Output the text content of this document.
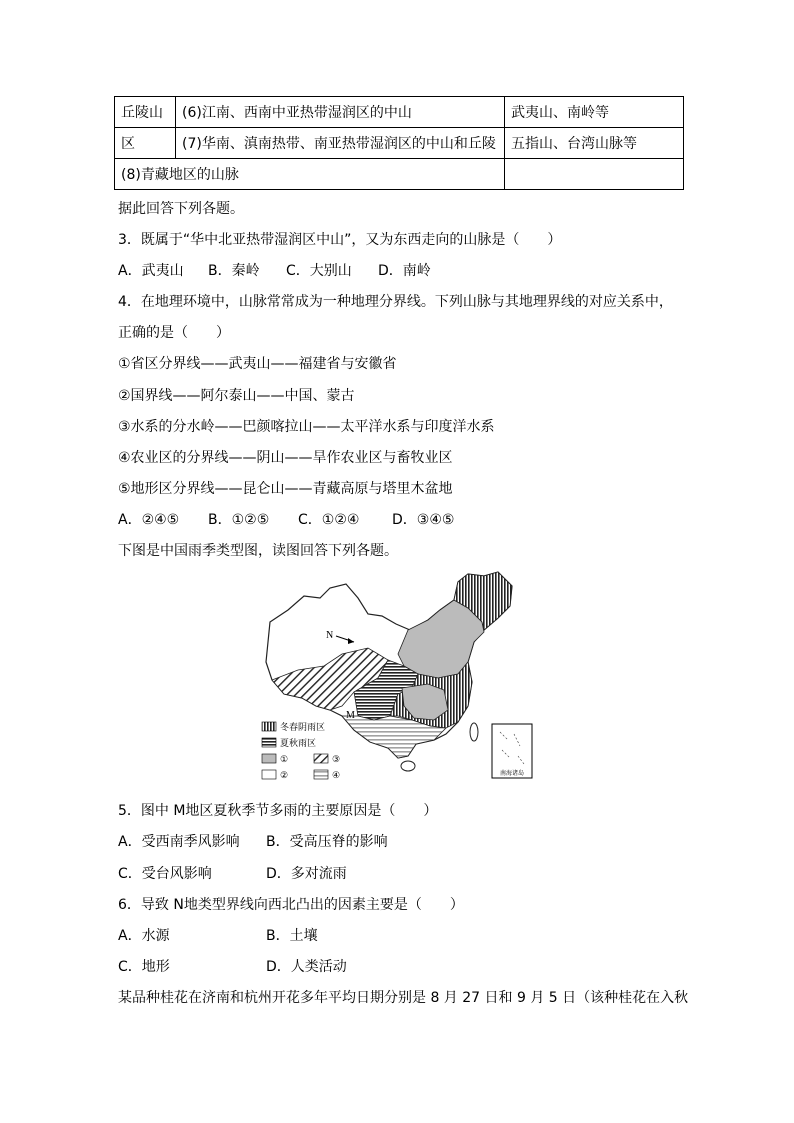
丘陵山	(6)江南、西南中亚热带湿润区的中山	武夷山、南岭等
区	(7)华南、滇南热带、南亚热带湿润区的中山和丘陵	五指山、台湾山脉等
(8)青藏地区的山脉		
据此回答下列各题。
3．既属于“华中北亚热带湿润区中山”，又为东西走向的山脉是（　　）
A．武夷山 B．秦岭 C．大别山 D．南岭
4．在地理环境中，山脉常常成为一种地理分界线。下列山脉与其地理界线的对应关系中，
正确的是（　　）
①省区分界线——武夷山——福建省与安徽省
②国界线——阿尔泰山——中国、蒙古
③水系的分水岭——巴颜喀拉山——太平洋水系与印度洋水系
④农业区的分界线——阴山——旱作农业区与畜牧业区
⑤地形区分界线——昆仑山——青藏高原与塔里木盆地
A．②④⑤ B．①②⑤ C．①②④ D．③④⑤
下图是中国雨季类型图，读图回答下列各题。
N
M
冬春阴雨区
夏秋雨区
①
②
③
④	南海诸岛
5．图中 M地区夏秋季节多雨的主要原因是（　　）
A．受西南季风影响 B．受高压脊的影响
C．受台风影响	D．多对流雨
6．导致 N地类型界线向西北凸出的因素主要是（　　）
A．水源	B．土壤
C．地形	D．人类活动
某品种桂花在济南和杭州开花多年平均日期分别是 8 月 27 日和 9 月 5 日（该种桂花在入秋
